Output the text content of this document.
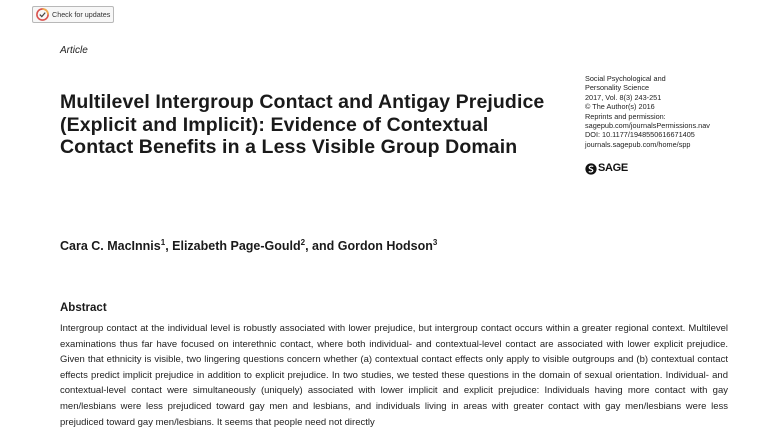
Check for updates
Article
Multilevel Intergroup Contact and Antigay Prejudice (Explicit and Implicit): Evidence of Contextual Contact Benefits in a Less Visible Group Domain
Social Psychological and
Personality Science
2017, Vol. 8(3) 243-251
© The Author(s) 2016
Reprints and permission:
sagepub.com/journalsPermissions.nav
DOI: 10.1177/1948550616671405
journals.sagepub.com/home/spp
SAGE
Cara C. MacInnis$^1$, Elizabeth Page-Gould$^2$, and Gordon Hodson$^3$
Abstract

Intergroup contact at the individual level is robustly associated with lower prejudice, but intergroup contact occurs within a greater regional context. Multilevel examinations thus far have focused on interethnic contact, where both individual- and contextual-level contact are associated with lower explicit prejudice. Given that ethnicity is visible, two lingering questions concern whether (a) contextual contact effects only apply to visible outgroups and (b) contextual contact effects predict implicit prejudice in addition to explicit prejudice. In two studies, we tested these questions in the domain of sexual orientation. Individual- and contextual-level contact were simultaneously (uniquely) associated with lower implicit and explicit prejudice: Individuals having more contact with gay men/lesbians were less prejudiced toward gay men and lesbians, and individuals living in areas with greater contact with gay men/lesbians were less prejudiced toward gay men/lesbians. It seems that people need not directly
